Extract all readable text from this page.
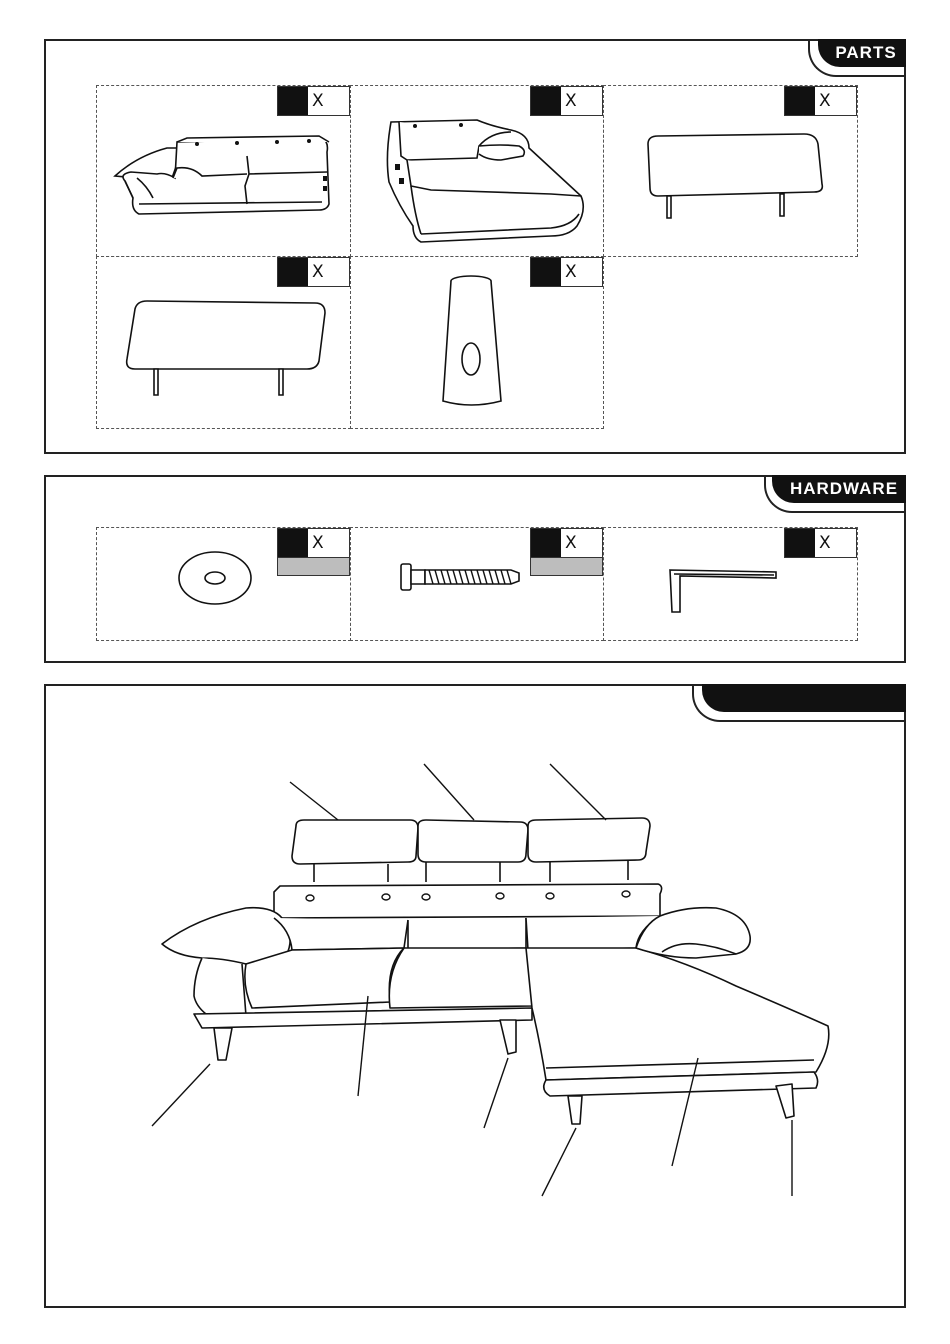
PARTS
X	X	X
X	X
HARDWARE
X	X	X
